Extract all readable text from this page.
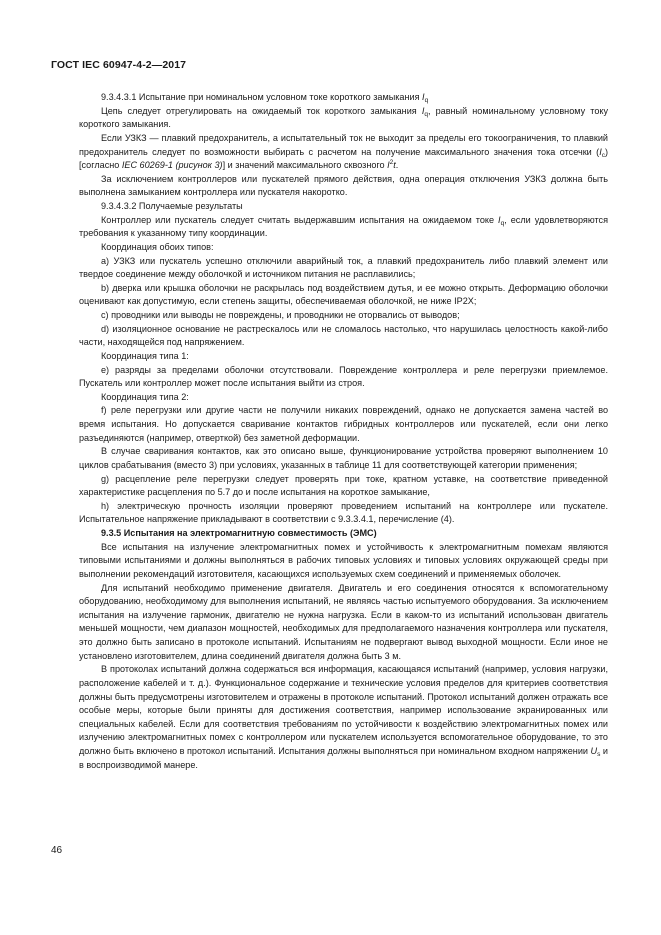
ГОСТ IEC 60947-4-2—2017

9.3.4.3.1 Испытание при номинальном условном токе короткого замыкания $I_q$

Цепь следует отрегулировать на ожидаемый ток короткого замыкания $I_q$, равный номинальному условному току короткого замыкания.

Если УЗКЗ — плавкий предохранитель, а испытательный ток не выходит за пределы его токоограничения, то плавкий предохранитель следует по возможности выбирать с расчетом на получение максимального значения тока отсечки $(I_c)$ [согласно IEC 60269-1 (рисунок 3)] и значений максимального сквозного $I^2t$.

За исключением контроллеров или пускателей прямого действия, одна операция отключения УЗКЗ должна быть выполнена замыканием контроллера или пускателя накоротко.

9.3.4.3.2 Получаемые результаты

Контроллер или пускатель следует считать выдержавшим испытания на ожидаемом токе $I_q$, если удовлетворяются требования к указанному типу координации.

Координация обоих типов:

a) УЗКЗ или пускатель успешно отключили аварийный ток, а плавкий предохранитель либо плавкий элемент или твердое соединение между оболочкой и источником питания не расплавились;

b) дверка или крышка оболочки не раскрылась под воздействием дутья, и ее можно открыть. Деформацию оболочки оценивают как допустимую, если степень защиты, обеспечиваемая оболочкой, не ниже IP2X;

c) проводники или выводы не повреждены, и проводники не оторвались от выводов;

d) изоляционное основание не растрескалось или не сломалось настолько, что нарушилась целостность какой-либо части, находящейся под напряжением.

Координация типа 1:

e) разряды за пределами оболочки отсутствовали. Повреждение контроллера и реле перегрузки приемлемое. Пускатель или контроллер может после испытания выйти из строя.

Координация типа 2:

f) реле перегрузки или другие части не получили никаких повреждений, однако не допускается замена частей во время испытания. Но допускается сваривание контактов гибридных контроллеров или пускателей, если они легко разъединяются (например, отверткой) без заметной деформации.

В случае сваривания контактов, как это описано выше, функционирование устройства проверяют выполнением 10 циклов срабатывания (вместо 3) при условиях, указанных в таблице 11 для соответствующей категории применения;

g) расцепление реле перегрузки следует проверять при токе, кратном уставке, на соответствие приведенной характеристике расцепления по 5.7 до и после испытания на короткое замыкание,

h) электрическую прочность изоляции проверяют проведением испытаний на контроллере или пускателе. Испытательное напряжение прикладывают в соответствии с 9.3.3.4.1, перечисление (4).

9.3.5 Испытания на электромагнитную совместимость (ЭМС)

Все испытания на излучение электромагнитных помех и устойчивость к электромагнитным помехам являются типовыми испытаниями и должны выполняться в рабочих типовых условиях и типовых условиях окружающей среды при выполнении рекомендаций изготовителя, касающихся используемых схем соединений и применяемых оболочек.

Для испытаний необходимо применение двигателя. Двигатель и его соединения относятся к вспомогательному оборудованию, необходимому для выполнения испытаний, не являясь частью испытуемого оборудования. За исключением испытания на излучение гармоник, двигателю не нужна нагрузка. Если в каком-то из испытаний использован двигатель меньшей мощности, чем диапазон мощностей, необходимых для предполагаемого назначения контроллера или пускателя, это должно быть записано в протоколе испытаний. Испытаниям не подвергают вывод выходной мощности. Если иное не установлено изготовителем, длина соединений двигателя должна быть 3 м.

В протоколах испытаний должна содержаться вся информация, касающаяся испытаний (например, условия нагрузки, расположение кабелей и т. д.). Функциональное содержание и технические условия пределов для критериев соответствия должны быть предусмотрены изготовителем и отражены в протоколе испытаний. Протокол испытаний должен отражать все особые меры, которые были приняты для достижения соответствия, например использование экранированных или специальных кабелей. Если для соответствия требованиям по устойчивости к воздействию электромагнитных помех или излучению электромагнитных помех с контроллером или пускателем используется вспомогательное оборудование, то это должно быть включено в протокол испытаний. Испытания должны выполняться при номинальном входном напряжении $U_s$ и в воспроизводимой манере.

46
